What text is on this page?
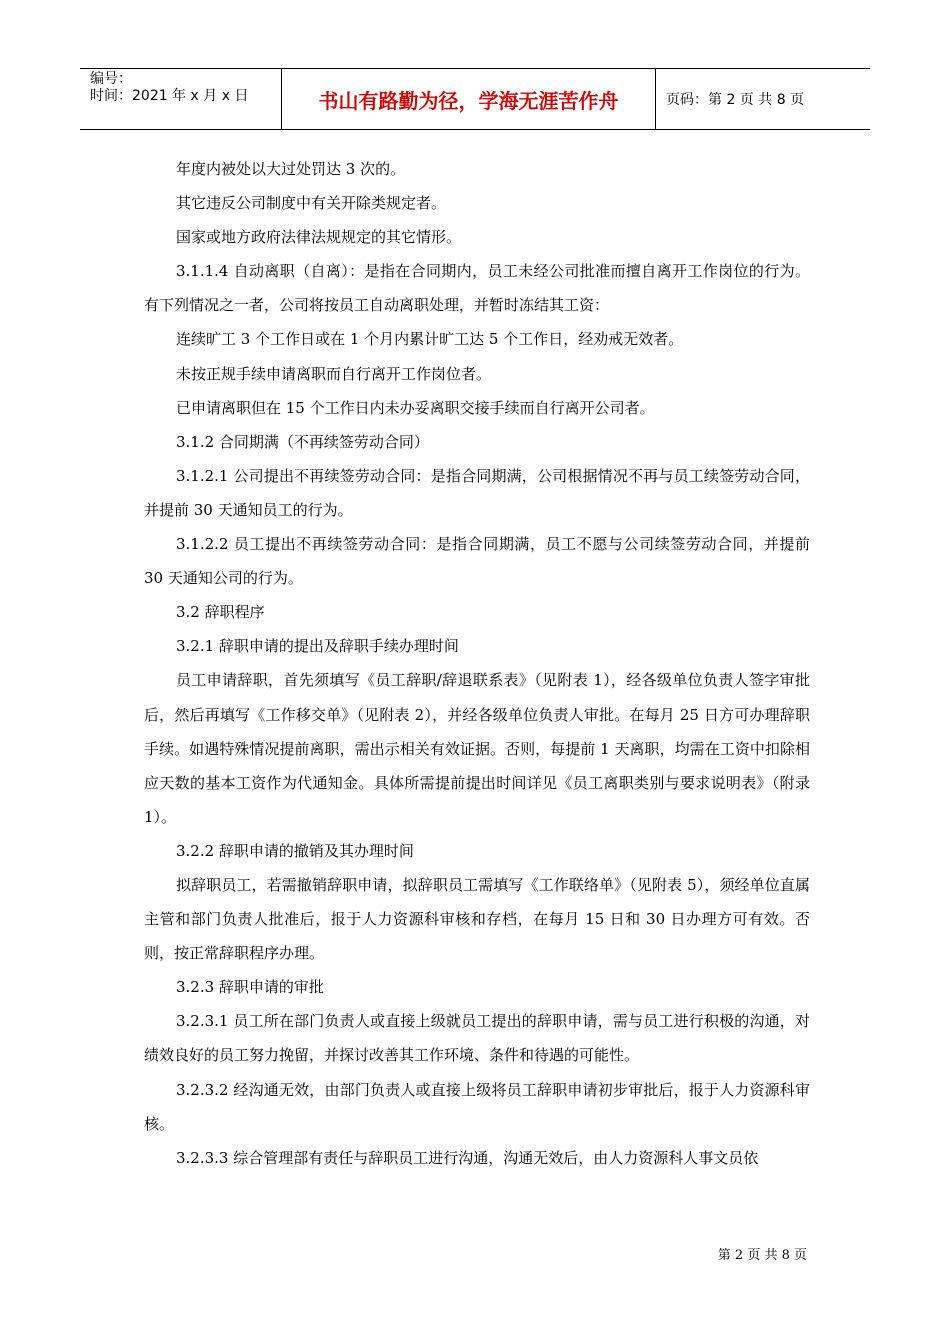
编号：
时间：2021 年 x 月 x 日	书山有路勤为径，学海无涯苦作舟	页码：第 2 页 共 8 页

年度内被处以大过处罚达 3 次的。

其它违反公司制度中有关开除类规定者。

国家或地方政府法律法规规定的其它情形。

3.1.1.4 自动离职（自离）：是指在合同期内，员工未经公司批准而擅自离开工作岗位的行为。有下列情况之一者，公司将按员工自动离职处理，并暂时冻结其工资：

连续旷工 3 个工作日或在 1 个月内累计旷工达 5 个工作日，经劝戒无效者。

未按正规手续申请离职而自行离开工作岗位者。

已申请离职但在 15 个工作日内未办妥离职交接手续而自行离开公司者。

3.1.2 合同期满（不再续签劳动合同）

3.1.2.1 公司提出不再续签劳动合同：是指合同期满，公司根据情况不再与员工续签劳动合同，并提前 30 天通知员工的行为。

3.1.2.2 员工提出不再续签劳动合同：是指合同期满，员工不愿与公司续签劳动合同，并提前 30 天通知公司的行为。

3.2 辞职程序

3.2.1 辞职申请的提出及辞职手续办理时间

员工申请辞职，首先须填写《员工辞职/辞退联系表》（见附表 1），经各级单位负责人签字审批后，然后再填写《工作移交单》（见附表 2），并经各级单位负责人审批。在每月 25 日方可办理辞职手续。如遇特殊情况提前离职，需出示相关有效证据。否则，每提前 1 天离职，均需在工资中扣除相应天数的基本工资作为代通知金。具体所需提前提出时间详见《员工离职类别与要求说明表》（附录 1）。

3.2.2 辞职申请的撤销及其办理时间

拟辞职员工，若需撤销辞职申请，拟辞职员工需填写《工作联络单》（见附表 5），须经单位直属主管和部门负责人批准后，报于人力资源科审核和存档，在每月 15 日和 30 日办理方可有效。否则，按正常辞职程序办理。

3.2.3 辞职申请的审批

3.2.3.1 员工所在部门负责人或直接上级就员工提出的辞职申请，需与员工进行积极的沟通，对绩效良好的员工努力挽留，并探讨改善其工作环境、条件和待遇的可能性。

3.2.3.2 经沟通无效，由部门负责人或直接上级将员工辞职申请初步审批后，报于人力资源科审核。

3.2.3.3 综合管理部有责任与辞职员工进行沟通，沟通无效后，由人力资源科人事文员依

第 2 页 共 8 页
